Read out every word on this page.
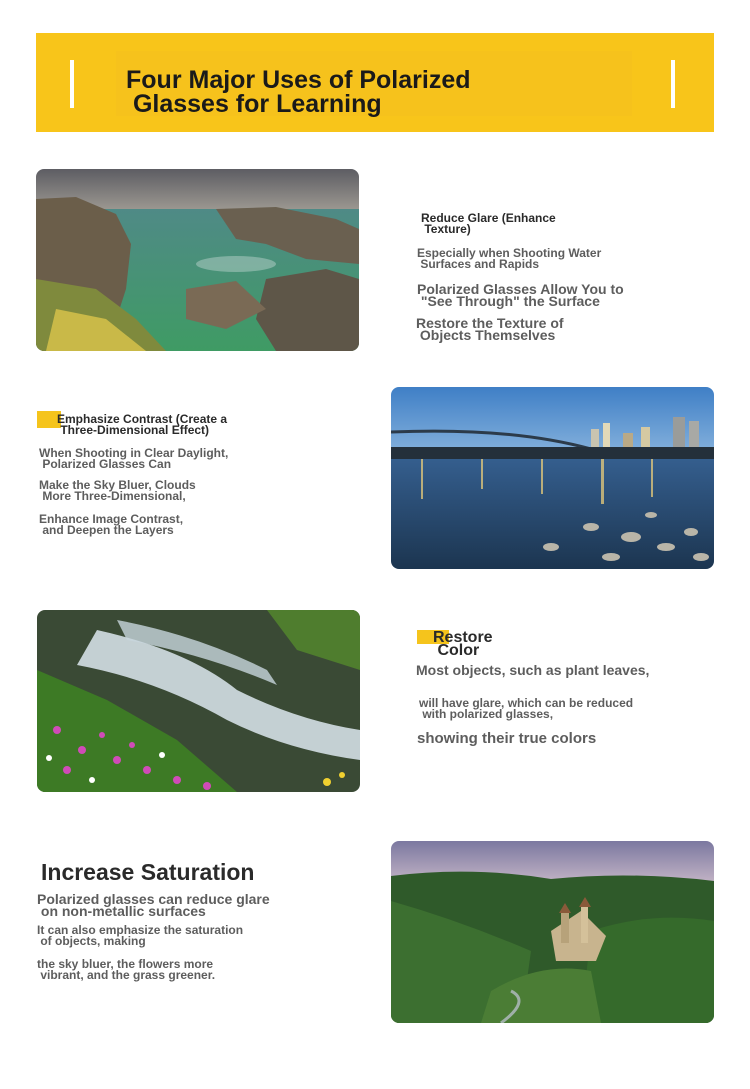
Four Major Uses of Polarized
Glasses for Learning

Reduce Glare (Enhance
Texture)

Especially when Shooting Water
Surfaces and Rapids

Polarized Glasses Allow You to
"See Through" the Surface

Restore the Texture of
Objects Themselves

Emphasize Contrast (Create a
Three-Dimensional Effect)

When Shooting in Clear Daylight,
Polarized Glasses Can

Make the Sky Bluer, Clouds
More Three-Dimensional,

Enhance Image Contrast,
and Deepen the Layers

Restore
Color

Most objects, such as plant leaves,

will have glare, which can be reduced
with polarized glasses,

showing their true colors

Increase Saturation

Polarized glasses can reduce glare
on non-metallic surfaces

It can also emphasize the saturation
of objects, making

the sky bluer, the flowers more
vibrant, and the grass greener.
